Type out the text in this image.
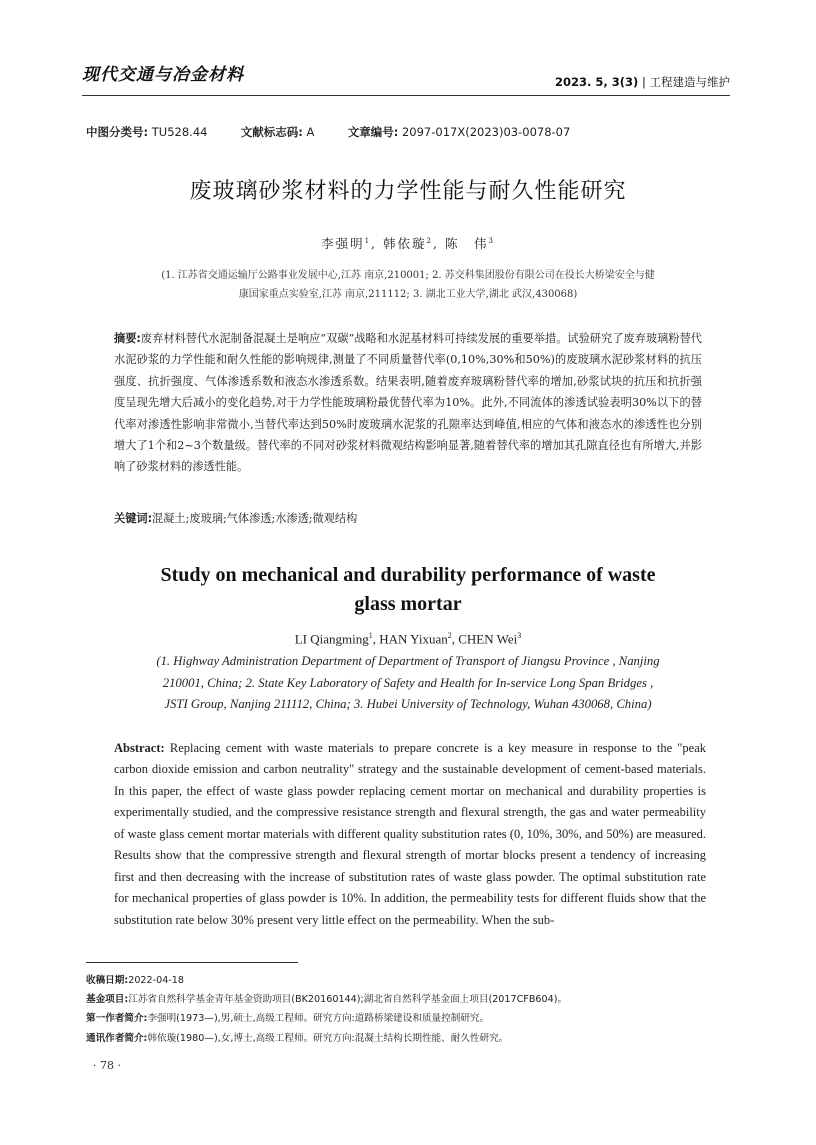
现代交通与冶金材料	2023. 5, 3(3) | 工程建造与维护
中图分类号: TU528.44	文献标志码: A	文章编号: 2097-017X(2023)03-0078-07
废玻璃砂浆材料的力学性能与耐久性能研究
李强明$^1$, 韩依璇$^2$, 陈　伟$^3$
(1. 江苏省交通运输厅公路事业发展中心,江苏 南京,210001; 2. 苏交科集团股份有限公司在役长大桥梁安全与健
康国家重点实验室,江苏 南京,211112; 3. 湖北工业大学,湖北 武汉,430068)
摘要:废弃材料替代水泥制备混凝土是响应“双碳”战略和水泥基材料可持续发展的重要举措。试验研究了废弃玻璃粉替代水泥砂浆的力学性能和耐久性能的影响规律,测量了不同质量替代率(0,10%,30%和50%)的废玻璃水泥砂浆材料的抗压强度、抗折强度、气体渗透系数和液态水渗透系数。结果表明,随着废弃玻璃粉替代率的增加,砂浆试块的抗压和抗折强度呈现先增大后减小的变化趋势,对于力学性能玻璃粉最优替代率为10%。此外,不同流体的渗透试验表明30%以下的替代率对渗透性影响非常微小,当替代率达到50%时废玻璃水泥浆的孔隙率达到峰值,相应的气体和液态水的渗透性也分别增大了1个和2~3个数量级。替代率的不同对砂浆材料微观结构影响显著,随着替代率的增加其孔隙直径也有所增大,并影响了砂浆材料的渗透性能。
关键词:混凝土;废玻璃;气体渗透;水渗透;微观结构
Study on mechanical and durability performance of waste
glass mortar
LI Qiangming$^1$, HAN Yixuan$^2$, CHEN Wei$^3$
(1. Highway Administration Department of Department of Transport of Jiangsu Province , Nanjing
210001, China; 2. State Key Laboratory of Safety and Health for In-service Long Span Bridges ,
JSTI Group, Nanjing 211112, China; 3. Hubei University of Technology, Wuhan 430068, China)
Abstract: Replacing cement with waste materials to prepare concrete is a key measure in response to the "peak carbon dioxide emission and carbon neutrality" strategy and the sustainable development of cement-based materials. In this paper, the effect of waste glass powder replacing cement mortar on mechanical and durability properties is experimentally studied, and the compressive resistance strength and flexural strength, the gas and water permeability of waste glass cement mortar materials with different quality substitution rates (0, 10%, 30%, and 50%) are measured. Results show that the compressive strength and flexural strength of mortar blocks present a tendency of increasing first and then decreasing with the increase of substitution rates of waste glass powder. The optimal substitution rate for mechanical properties of glass powder is 10%. In addition, the permeability tests for different fluids show that the substitution rate below 30% present very little effect on the permeability. When the sub-
收稿日期:2022-04-18
基金项目:江苏省自然科学基金青年基金资助项目(BK20160144);湖北省自然科学基金面上项目(2017CFB604)。
第一作者简介:李强明(1973—),男,硕士,高级工程师。研究方向:道路桥梁建设和质量控制研究。
通讯作者简介:韩依璇(1980—),女,博士,高级工程师。研究方向:混凝土结构长期性能、耐久性研究。
· 78 ·
